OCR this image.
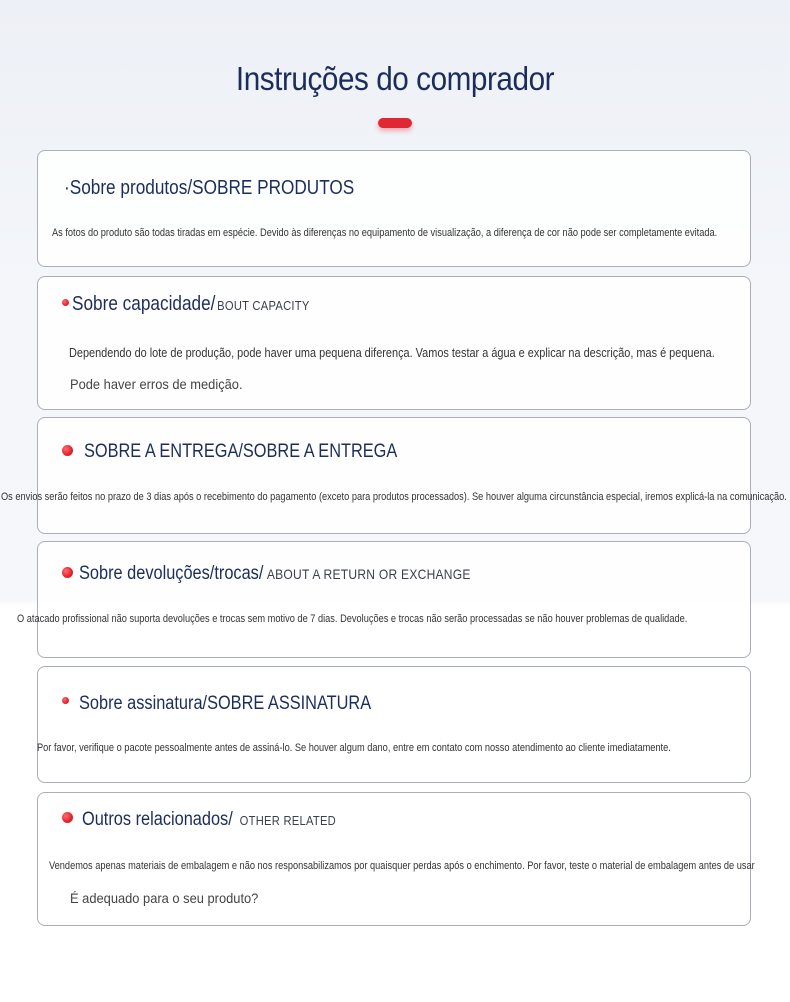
Instruções do comprador
·Sobre produtos/SOBRE PRODUTOS
As fotos do produto são todas tiradas em espécie. Devido às diferenças no equipamento de visualização, a diferença de cor não pode ser completamente evitada.
Sobre capacidade/ BOUT CAPACITY
Dependendo do lote de produção, pode haver uma pequena diferença. Vamos testar a água e explicar na descrição, mas é pequena.
Pode haver erros de medição.
SOBRE A ENTREGA/SOBRE A ENTREGA
Os envios serão feitos no prazo de 3 dias após o recebimento do pagamento (exceto para produtos processados). Se houver alguma circunstância especial, iremos explicá-la na comunicação.
Sobre devoluções/trocas/ ABOUT A RETURN OR EXCHANGE
O atacado profissional não suporta devoluções e trocas sem motivo de 7 dias. Devoluções e trocas não serão processadas se não houver problemas de qualidade.
Sobre assinatura/SOBRE ASSINATURA
Por favor, verifique o pacote pessoalmente antes de assiná-lo. Se houver algum dano, entre em contato com nosso atendimento ao cliente imediatamente.
Outros relacionados/ OTHER RELATED
Vendemos apenas materiais de embalagem e não nos responsabilizamos por quaisquer perdas após o enchimento. Por favor, teste o material de embalagem antes de usar
É adequado para o seu produto?
